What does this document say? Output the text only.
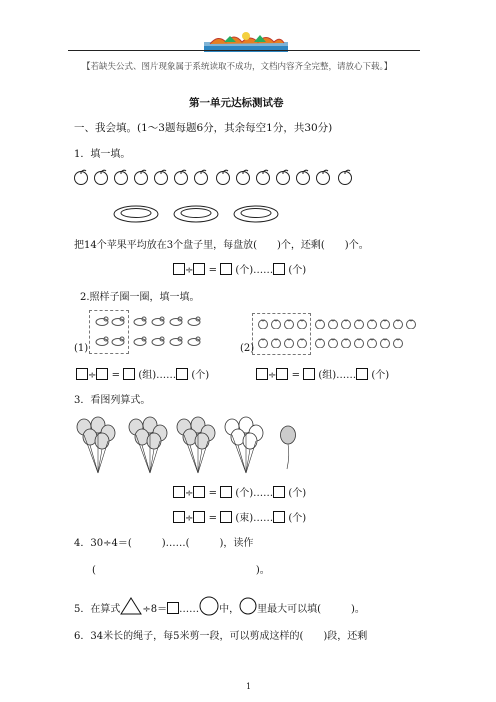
【若缺失公式、图片现象属于系统读取不成功，文档内容齐全完整，请放心下载。】
第一单元达标测试卷
一、我会填。(1～3题每题6分，其余每空1分，共30分)
1．填一填。
把14个苹果平均放在3个盘子里，每盘放(　　)个，还剩(　　)个。
÷ = (个)…… (个)
2.照样子圈一圈，填一填。
(1)	(2)
÷ = (组)…… (个)	÷ = (组)…… (个)
3．看图列算式。
÷ = (个)…… (个)
÷ = (束)…… (个)
4．30÷4＝(　　　)……(　　　)，读作
(　　　　　　　　　　　　　　　　)。
5．在算式 ÷8＝ …… 中， 里最大可以填(　　　)。
6．34米长的绳子，每5米剪一段，可以剪成这样的(　　)段，还剩
1
